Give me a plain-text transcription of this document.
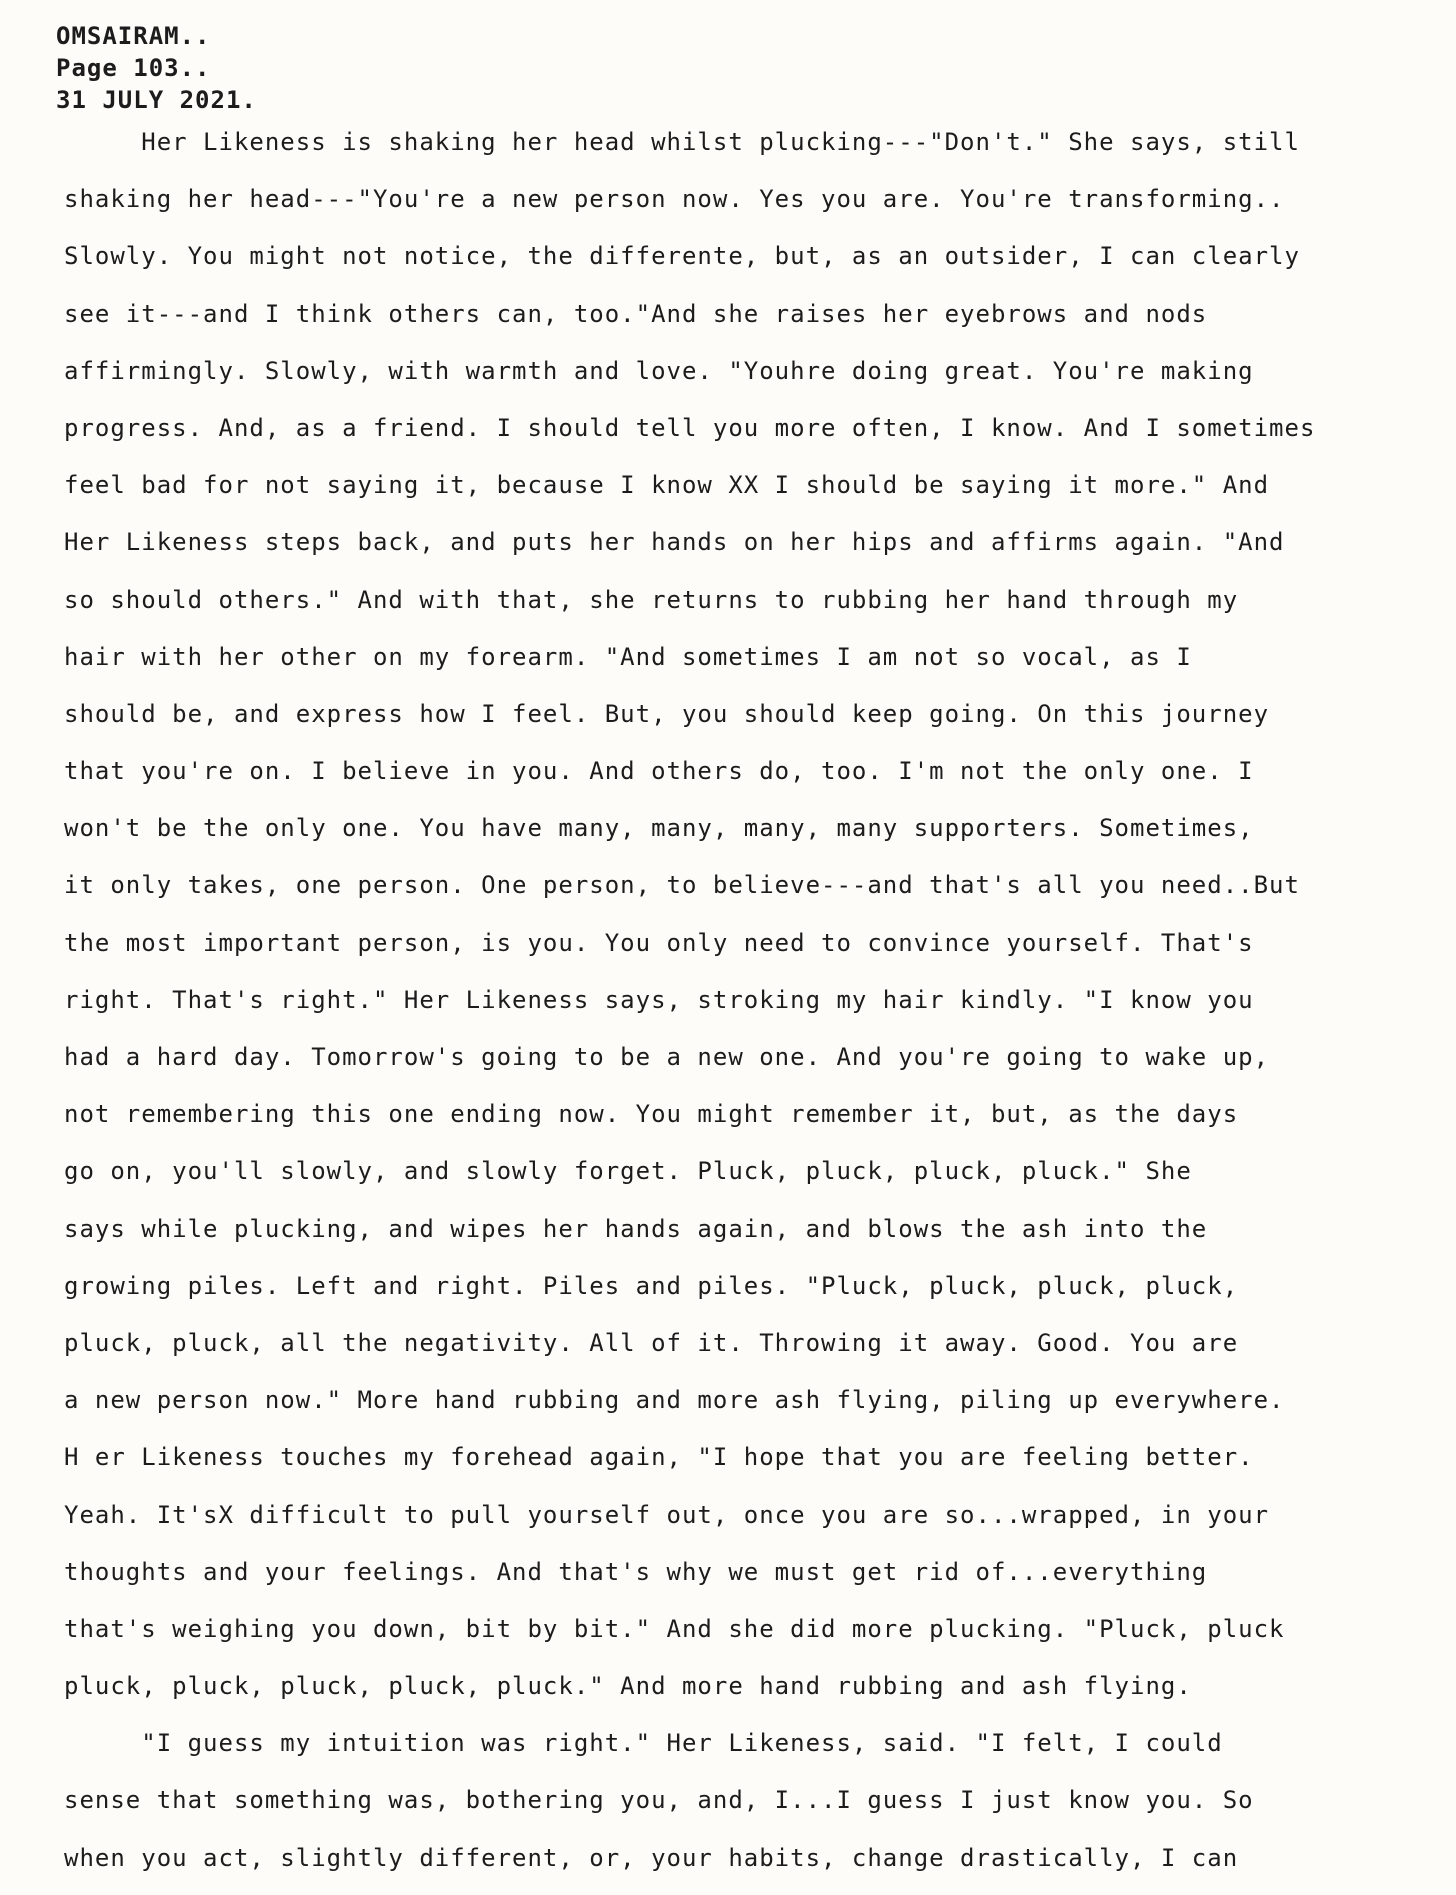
OMSAIRAM..
Page 103..
31 JULY 2021.
Her Likeness is shaking her head whilst plucking---"Don't." She says, still
shaking her head---"You're a new person now. Yes you are. You're transforming..
Slowly. You might not notice, the differente, but, as an outsider, I can clearly
see it---and I think others can, too."And she raises her eyebrows and nods
affirmingly. Slowly, with warmth and love. "Youhre doing great. You're making
progress. And, as a friend. I should tell you more often, I know. And I sometimes
feel bad for not saying it, because I know XX I should be saying it more." And
Her Likeness steps back, and puts her hands on her hips and affirms again. "And
so should others." And with that, she returns to rubbing her hand through my
hair with her other on my forearm. "And sometimes I am not so vocal, as I
should be, and express how I feel. But, you should keep going. On this journey
that you're on. I believe in you. And others do, too. I'm not the only one. I
won't be the only one. You have many, many, many, many supporters. Sometimes,
it only takes, one person. One person, to believe---and that's all you need..But
the most important person, is you. You only need to convince yourself. That's
right. That's right." Her Likeness says, stroking my hair kindly. "I know you
had a hard day. Tomorrow's going to be a new one. And you're going to wake up,
not remembering this one ending now. You might remember it, but, as the days
go on, you'll slowly, and slowly forget. Pluck, pluck, pluck, pluck." She
says while plucking, and wipes her hands again, and blows the ash into the
growing piles. Left and right. Piles and piles. "Pluck, pluck, pluck, pluck,
pluck, pluck, all the negativity. All of it. Throwing it away. Good. You are
a new person now." More hand rubbing and more ash flying, piling up everywhere.
H er Likeness touches my forehead again, "I hope that you are feeling better.
Yeah. It'sX difficult to pull yourself out, once you are so...wrapped, in your
thoughts and your feelings. And that's why we must get rid of...everything
that's weighing you down, bit by bit." And she did more plucking. "Pluck, pluck
pluck, pluck, pluck, pluck, pluck." And more hand rubbing and ash flying.
"I guess my intuition was right." Her Likeness, said. "I felt, I could
sense that something was, bothering you, and, I...I guess I just know you. So
when you act, slightly different, or, your habits, change drastically, I can
